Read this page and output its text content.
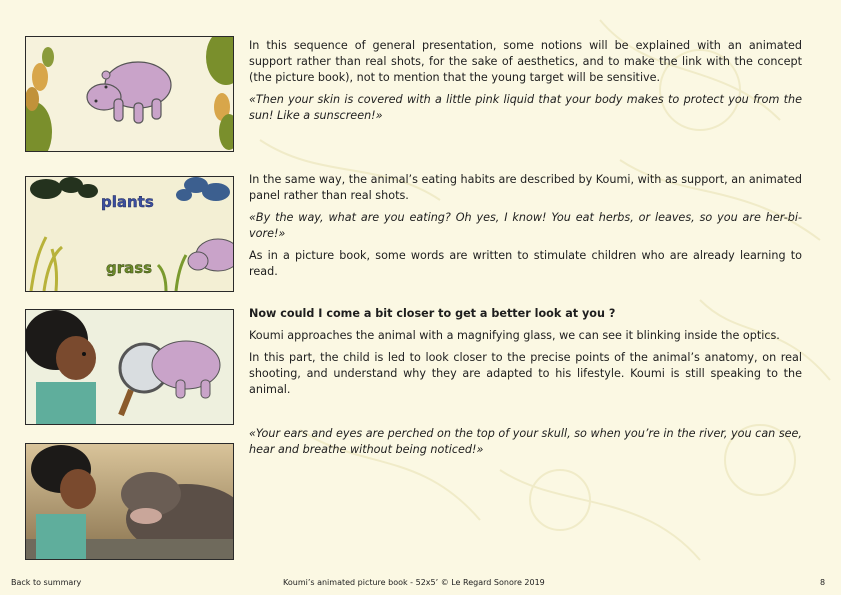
plants
grass

In this sequence of general presentation, some notions will be explained with an animated support rather than real shots, for the sake of aesthetics, and to make the link with the concept (the picture book), not to mention that the young target will be sensitive.

«Then your skin is covered with a little pink liquid that your body makes to protect you from the sun! Like a sunscreen!»

In the same way, the animal’s eating habits are described by Koumi, with as support, an animated panel rather than real shots.

«By the way, what are you eating? Oh yes, I know! You eat herbs, or leaves, so you are her-bi-vore!»

As in a picture book, some words are written to stimulate children who are already learning to read.

Now could I come a bit closer to get a better look at you ?

Koumi approaches the animal with a magnifying glass, we can see it blinking inside the optics.

In this part, the child is led to look closer to the precise points of the animal’s anatomy, on real shooting, and understand why they are adapted to his lifestyle. Koumi is still speaking to the animal.

«Your ears and eyes are perched on the top of your skull, so when you’re in the river, you can see, hear and breathe without being noticed!»

Back to summary	Koumi’s animated picture book - 52x5’ © Le Regard Sonore 2019	8
